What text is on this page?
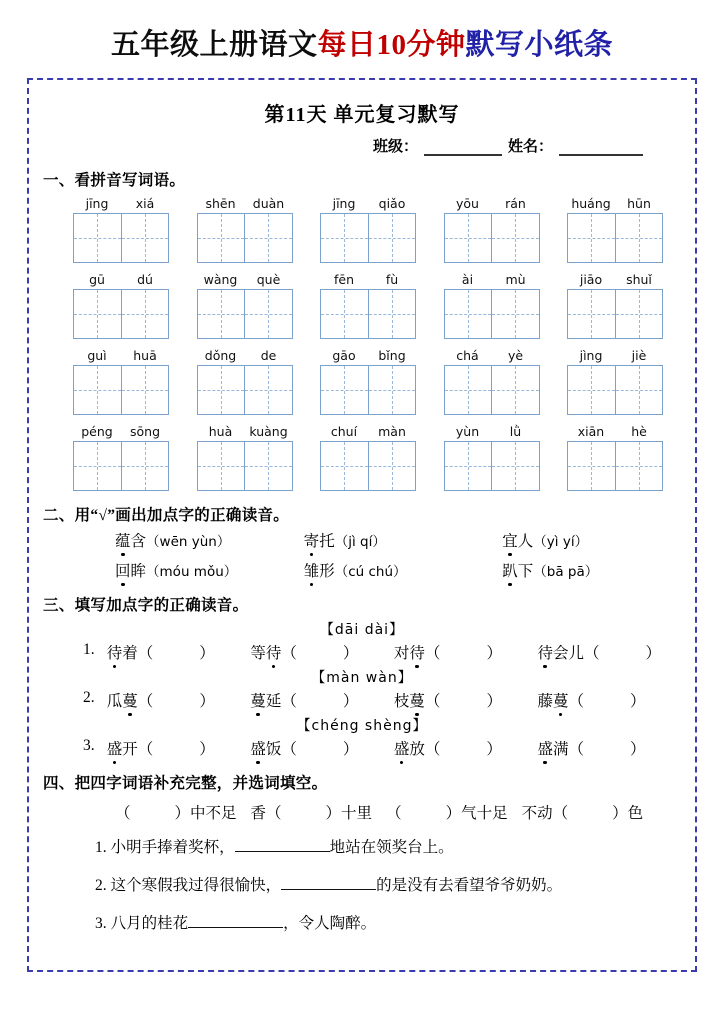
五年级上册语文每日10分钟默写小纸条
第11天 单元复习默写
班级：	姓名：
一、看拼音写词语。
jīng	xiá	shēn	duàn	jīng	qiǎo	yōu	rán	huáng	hūn
gū	dú	wàng	què	fēn	fù	ài	mù	jiāo	shuǐ
guì	huā	dǒng	de	gāo	bǐng	chá	yè	jìng	jiè
péng	sōng	huà	kuàng	chuí	màn	yùn	lǜ	xiān	hè
二、用“√”画出加点字的正确读音。
蕴含（wēn yùn）	寄托（jì qí）	宜人（yì yí）
回眸（móu mǒu）	雏形（cú chú）	趴下（bā pā）
三、填写加点字的正确读音。
【dāi dài】
1. 待着（	）	等待（	）	对待（	）	待会儿（	）
【màn wàn】
2. 瓜蔓（	）	蔓延（	）	枝蔓（	）	藤蔓（	）
【chéng shèng】
3. 盛开（	）	盛饭（	）	盛放（	）	盛满（	）
四、把四字词语补充完整，并选词填空。
（	）中不足 香（	）十里 （	）气十足 不动（	）色
1. 小明手捧着奖杯，	地站在领奖台上。
2. 这个寒假我过得很愉快，	的是没有去看望爷爷奶奶。
3. 八月的桂花	，令人陶醉。
